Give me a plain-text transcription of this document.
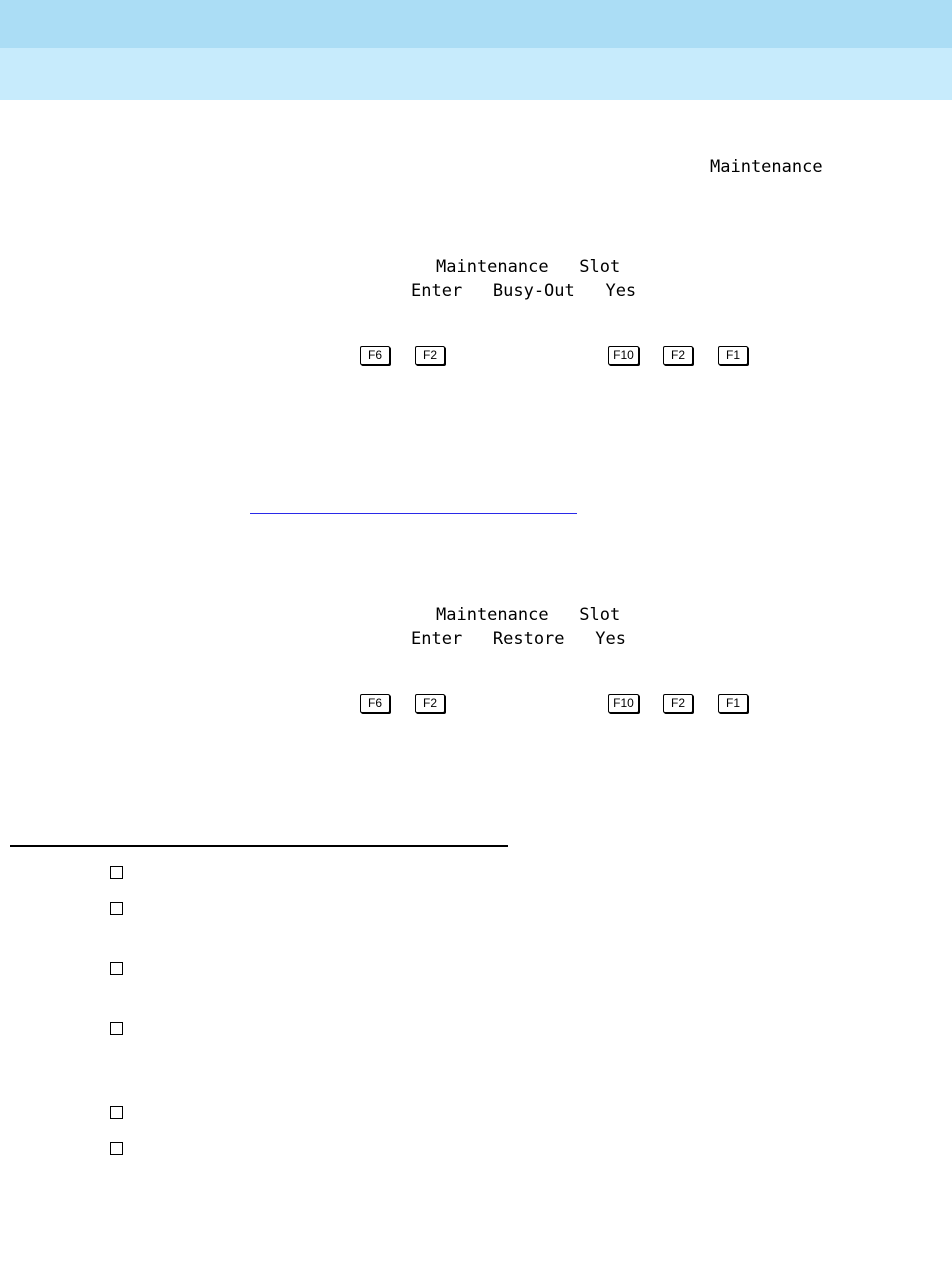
Maintenance
Maintenance   Slot
Enter   Busy-Out   Yes
F6	F2	F10	F2	F1
Maintenance   Slot
Enter   Restore   Yes
F6	F2	F10	F2	F1
